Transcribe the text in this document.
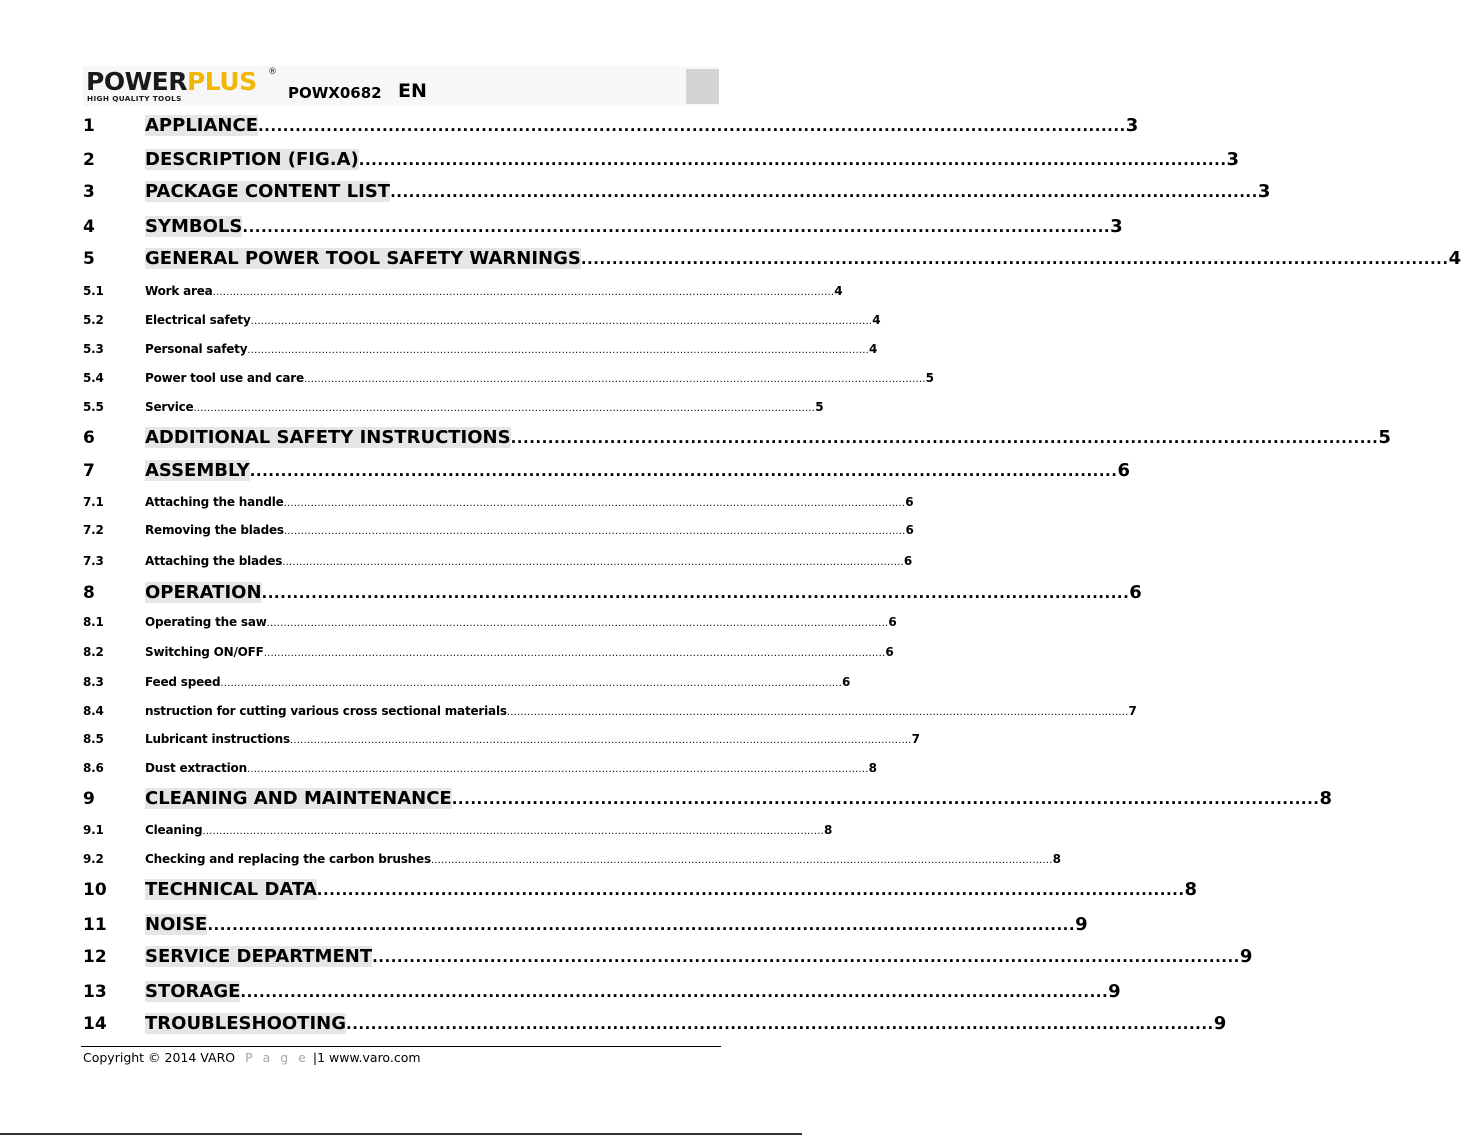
POWERPLUS ®
HIGH QUALITY TOOLS	POWX0682 EN
1	APPLIANCE ............................................................................................................................................ 3
2	DESCRIPTION (FIG.A) ............................................................................................................................................ 3
3	PACKAGE CONTENT LIST ............................................................................................................................................ 3
4	SYMBOLS ............................................................................................................................................ 3
5	GENERAL POWER TOOL SAFETY WARNINGS ............................................................................................................................................ 4
5.1	Work area ........................................................................................................................................................................................ 4
5.2	Electrical safety ........................................................................................................................................................................................ 4
5.3	Personal safety ........................................................................................................................................................................................ 4
5.4	Power tool use and care ........................................................................................................................................................................................ 5
5.5	Service ........................................................................................................................................................................................ 5
6	ADDITIONAL SAFETY INSTRUCTIONS ............................................................................................................................................ 5
7	ASSEMBLY ............................................................................................................................................ 6
7.1	Attaching the handle ........................................................................................................................................................................................ 6
7.2	Removing the blades ........................................................................................................................................................................................ 6
7.3	Attaching the blades ........................................................................................................................................................................................ 6
8	OPERATION ............................................................................................................................................ 6
8.1	Operating the saw ........................................................................................................................................................................................ 6
8.2	Switching ON/OFF ........................................................................................................................................................................................ 6
8.3	Feed speed ........................................................................................................................................................................................ 6
8.4	nstruction for cutting various cross sectional materials ........................................................................................................................................................................................ 7
8.5	Lubricant instructions ........................................................................................................................................................................................ 7
8.6	Dust extraction ........................................................................................................................................................................................ 8
9	CLEANING AND MAINTENANCE ............................................................................................................................................ 8
9.1	Cleaning ........................................................................................................................................................................................ 8
9.2	Checking and replacing the carbon brushes ........................................................................................................................................................................................ 8
10	TECHNICAL DATA ............................................................................................................................................ 8
11	NOISE ............................................................................................................................................ 9
12	SERVICE DEPARTMENT ............................................................................................................................................ 9
13	STORAGE ............................................................................................................................................ 9
14	TROUBLESHOOTING ............................................................................................................................................ 9
Copyright © 2014 VARO P a g e |1 www.varo.com
